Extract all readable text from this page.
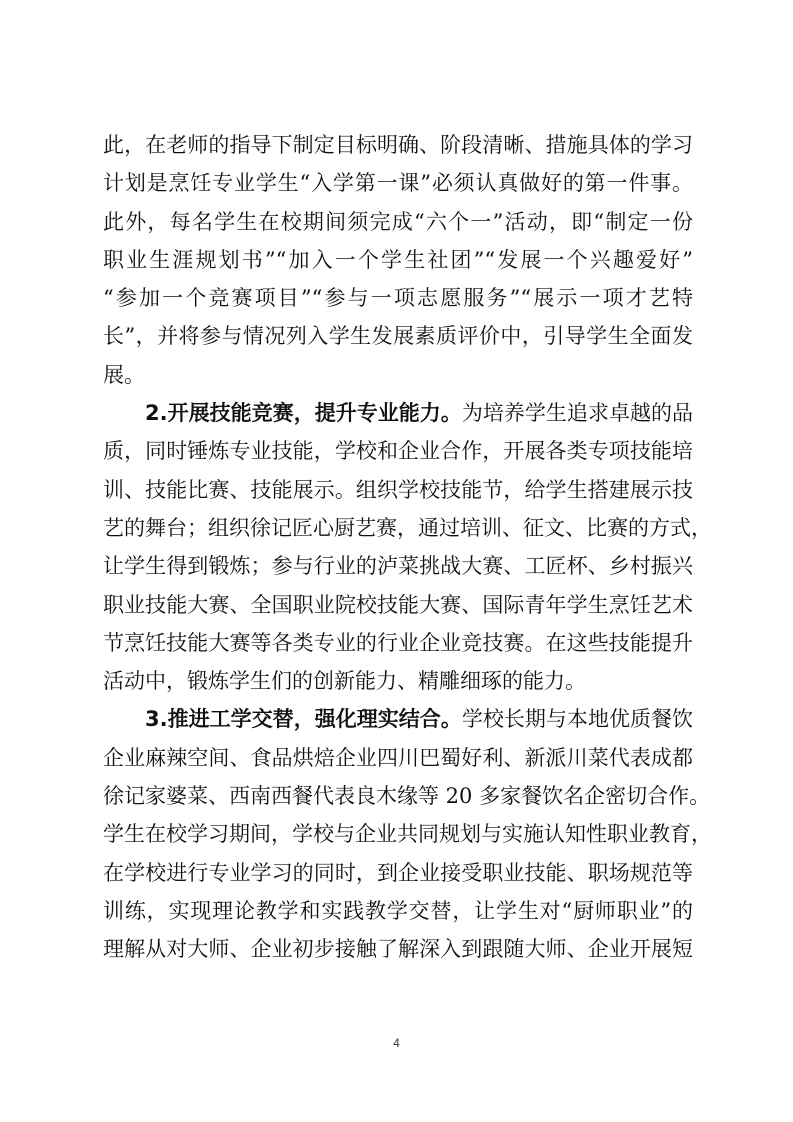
此，在老师的指导下制定目标明确、阶段清晰、措施具体的学习
计划是烹饪专业学生“入学第一课”必须认真做好的第一件事。
此外，每名学生在校期间须完成“六个一”活动，即“制定一份
职业生涯规划书”“加入一个学生社团”“发展一个兴趣爱好”
“参加一个竞赛项目”“参与一项志愿服务”“展示一项才艺特
长”，并将参与情况列入学生发展素质评价中，引导学生全面发
展。
2.开展技能竞赛，提升专业能力。为培养学生追求卓越的品
质，同时锤炼专业技能，学校和企业合作，开展各类专项技能培
训、技能比赛、技能展示。组织学校技能节，给学生搭建展示技
艺的舞台；组织徐记匠心厨艺赛，通过培训、征文、比赛的方式，
让学生得到锻炼；参与行业的泸菜挑战大赛、工匠杯、乡村振兴
职业技能大赛、全国职业院校技能大赛、国际青年学生烹饪艺术
节烹饪技能大赛等各类专业的行业企业竞技赛。在这些技能提升
活动中，锻炼学生们的创新能力、精雕细琢的能力。
3.推进工学交替，强化理实结合。学校长期与本地优质餐饮
企业麻辣空间、食品烘焙企业四川巴蜀好利、新派川菜代表成都
徐记家婆菜、西南西餐代表良木缘等 20 多家餐饮名企密切合作。
学生在校学习期间，学校与企业共同规划与实施认知性职业教育，
在学校进行专业学习的同时，到企业接受职业技能、职场规范等
训练，实现理论教学和实践教学交替，让学生对“厨师职业”的
理解从对大师、企业初步接触了解深入到跟随大师、企业开展短
4
